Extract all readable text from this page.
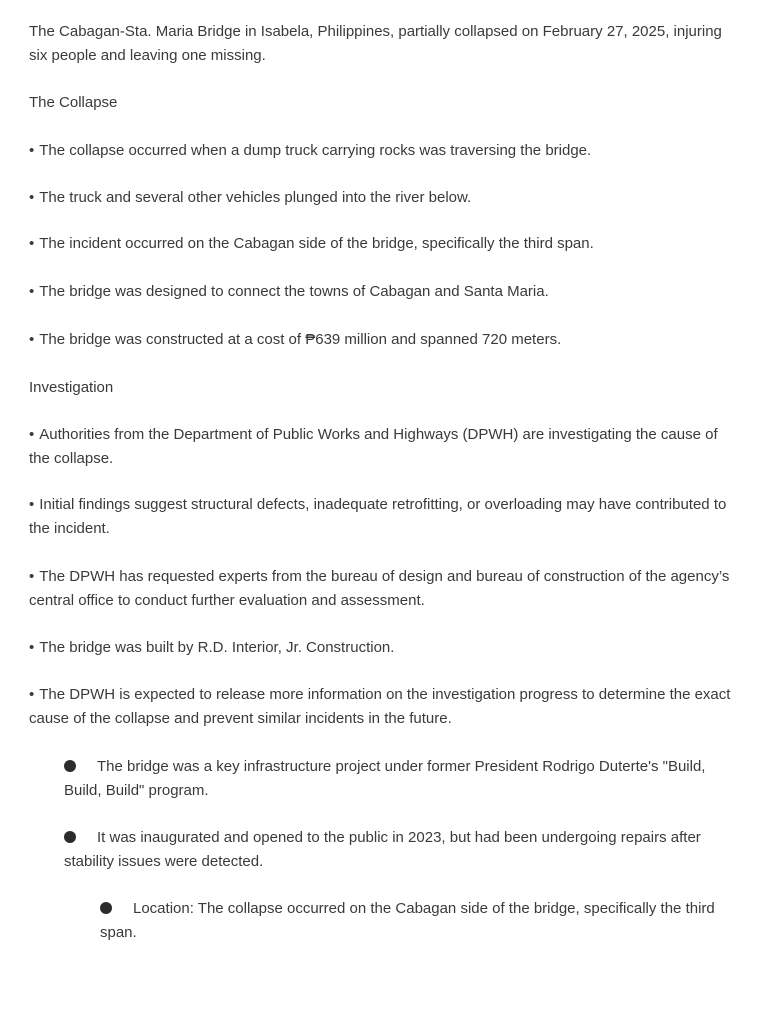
The Cabagan-Sta. Maria Bridge in Isabela, Philippines, partially collapsed on February 27, 2025, injuring six people and leaving one missing.

The Collapse

• The collapse occurred when a dump truck carrying rocks was traversing the bridge.

• The truck and several other vehicles plunged into the river below.

• The incident occurred on the Cabagan side of the bridge, specifically the third span.

• The bridge was designed to connect the towns of Cabagan and Santa Maria.

• The bridge was constructed at a cost of ₱639 million and spanned 720 meters.

Investigation

• Authorities from the Department of Public Works and Highways (DPWH) are investigating the cause of the collapse.

• Initial findings suggest structural defects, inadequate retrofitting, or overloading may have contributed to the incident.

• The DPWH has requested experts from the bureau of design and bureau of construction of the agency’s central office to conduct further evaluation and assessment.

• The bridge was built by R.D. Interior, Jr. Construction.

• The DPWH is expected to release more information on the investigation progress to determine the exact cause of the collapse and prevent similar incidents in the future.

The bridge was a key infrastructure project under former President Rodrigo Duterte's "Build, Build, Build" program.

It was inaugurated and opened to the public in 2023, but had been undergoing repairs after stability issues were detected.

Location: The collapse occurred on the Cabagan side of the bridge, specifically the third span.
